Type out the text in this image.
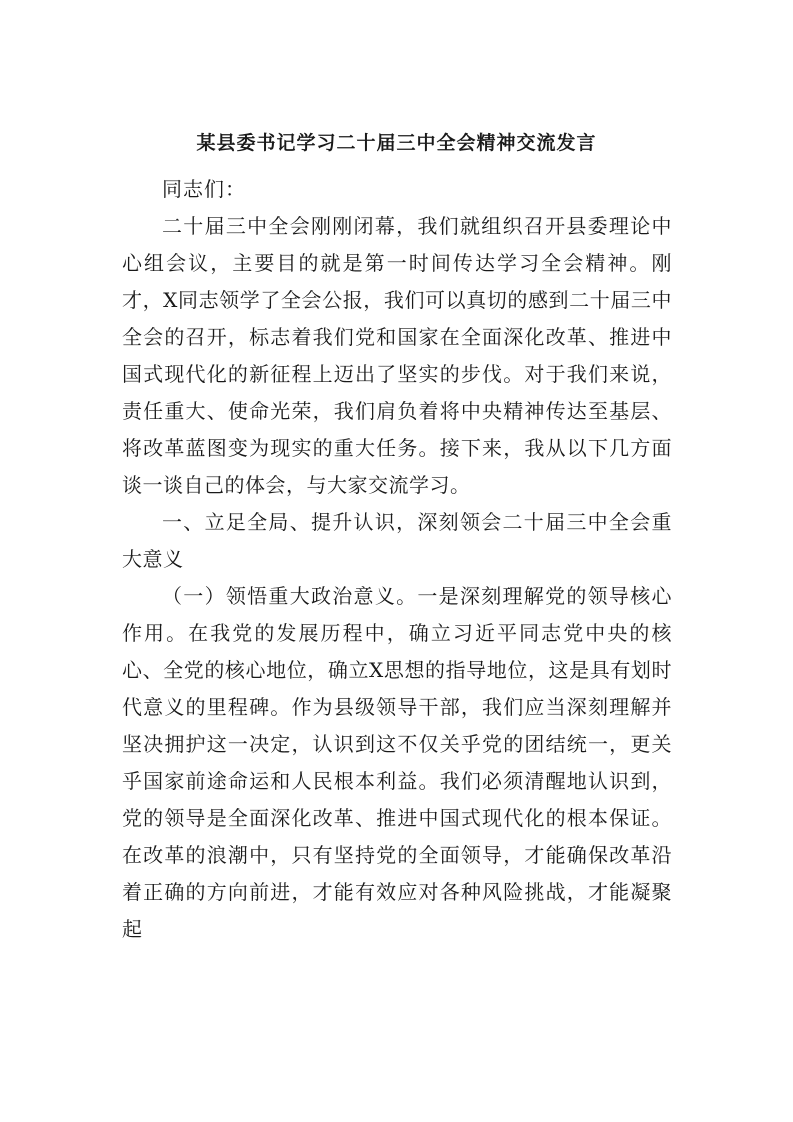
某县委书记学习二十届三中全会精神交流发言

同志们：

二十届三中全会刚刚闭幕，我们就组织召开县委理论中心组会议，主要目的就是第一时间传达学习全会精神。刚才，X同志领学了全会公报，我们可以真切的感到二十届三中全会的召开，标志着我们党和国家在全面深化改革、推进中国式现代化的新征程上迈出了坚实的步伐。对于我们来说，责任重大、使命光荣，我们肩负着将中央精神传达至基层、将改革蓝图变为现实的重大任务。接下来，我从以下几方面谈一谈自己的体会，与大家交流学习。

一、立足全局、提升认识，深刻领会二十届三中全会重大意义

（一）领悟重大政治意义。一是深刻理解党的领导核心作用。在我党的发展历程中，确立习近平同志党中央的核心、全党的核心地位，确立X思想的指导地位，这是具有划时代意义的里程碑。作为县级领导干部，我们应当深刻理解并坚决拥护这一决定，认识到这不仅关乎党的团结统一，更关乎国家前途命运和人民根本利益。我们必须清醒地认识到，党的领导是全面深化改革、推进中国式现代化的根本保证。在改革的浪潮中，只有坚持党的全面领导，才能确保改革沿着正确的方向前进，才能有效应对各种风险挑战，才能凝聚起
